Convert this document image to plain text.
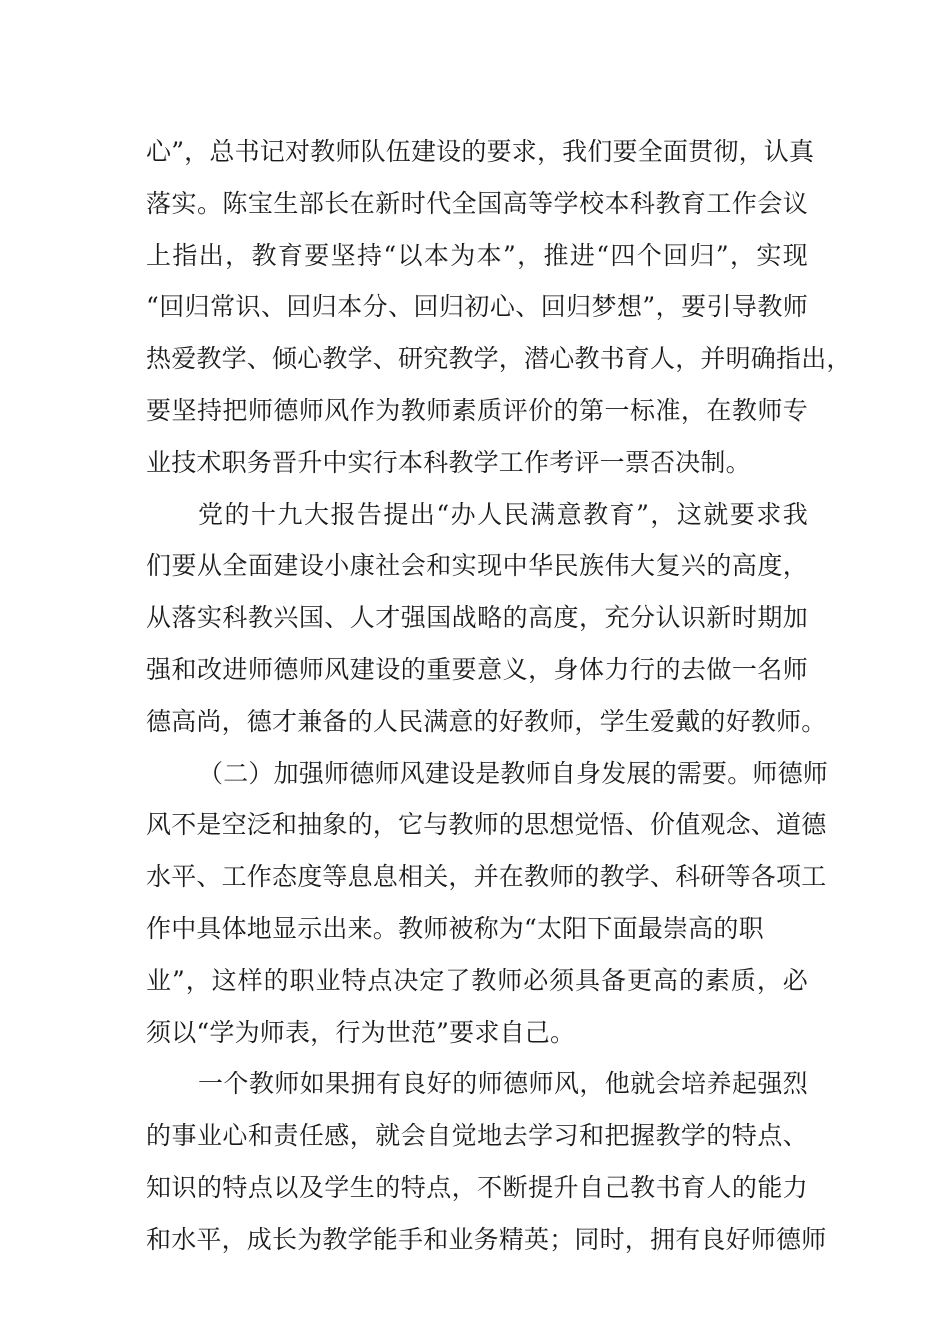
心”，总书记对教师队伍建设的要求，我们要全面贯彻，认真
落实。陈宝生部长在新时代全国高等学校本科教育工作会议
上指出，教育要坚持“以本为本”，推进“四个回归”，实现
“回归常识、回归本分、回归初心、回归梦想”，要引导教师
热爱教学、倾心教学、研究教学，潜心教书育人，并明确指出，
要坚持把师德师风作为教师素质评价的第一标准，在教师专
业技术职务晋升中实行本科教学工作考评一票否决制。
党的十九大报告提出“办人民满意教育”，这就要求我
们要从全面建设小康社会和实现中华民族伟大复兴的高度，
从落实科教兴国、人才强国战略的高度，充分认识新时期加
强和改进师德师风建设的重要意义，身体力行的去做一名师
德高尚，德才兼备的人民满意的好教师，学生爱戴的好教师。
（二）加强师德师风建设是教师自身发展的需要。师德师
风不是空泛和抽象的，它与教师的思想觉悟、价值观念、道德
水平、工作态度等息息相关，并在教师的教学、科研等各项工
作中具体地显示出来。教师被称为“太阳下面最崇高的职
业”，这样的职业特点决定了教师必须具备更高的素质，必
须以“学为师表，行为世范”要求自己。
一个教师如果拥有良好的师德师风，他就会培养起强烈
的事业心和责任感，就会自觉地去学习和把握教学的特点、
知识的特点以及学生的特点，不断提升自己教书育人的能力
和水平，成长为教学能手和业务精英；同时，拥有良好师德师
